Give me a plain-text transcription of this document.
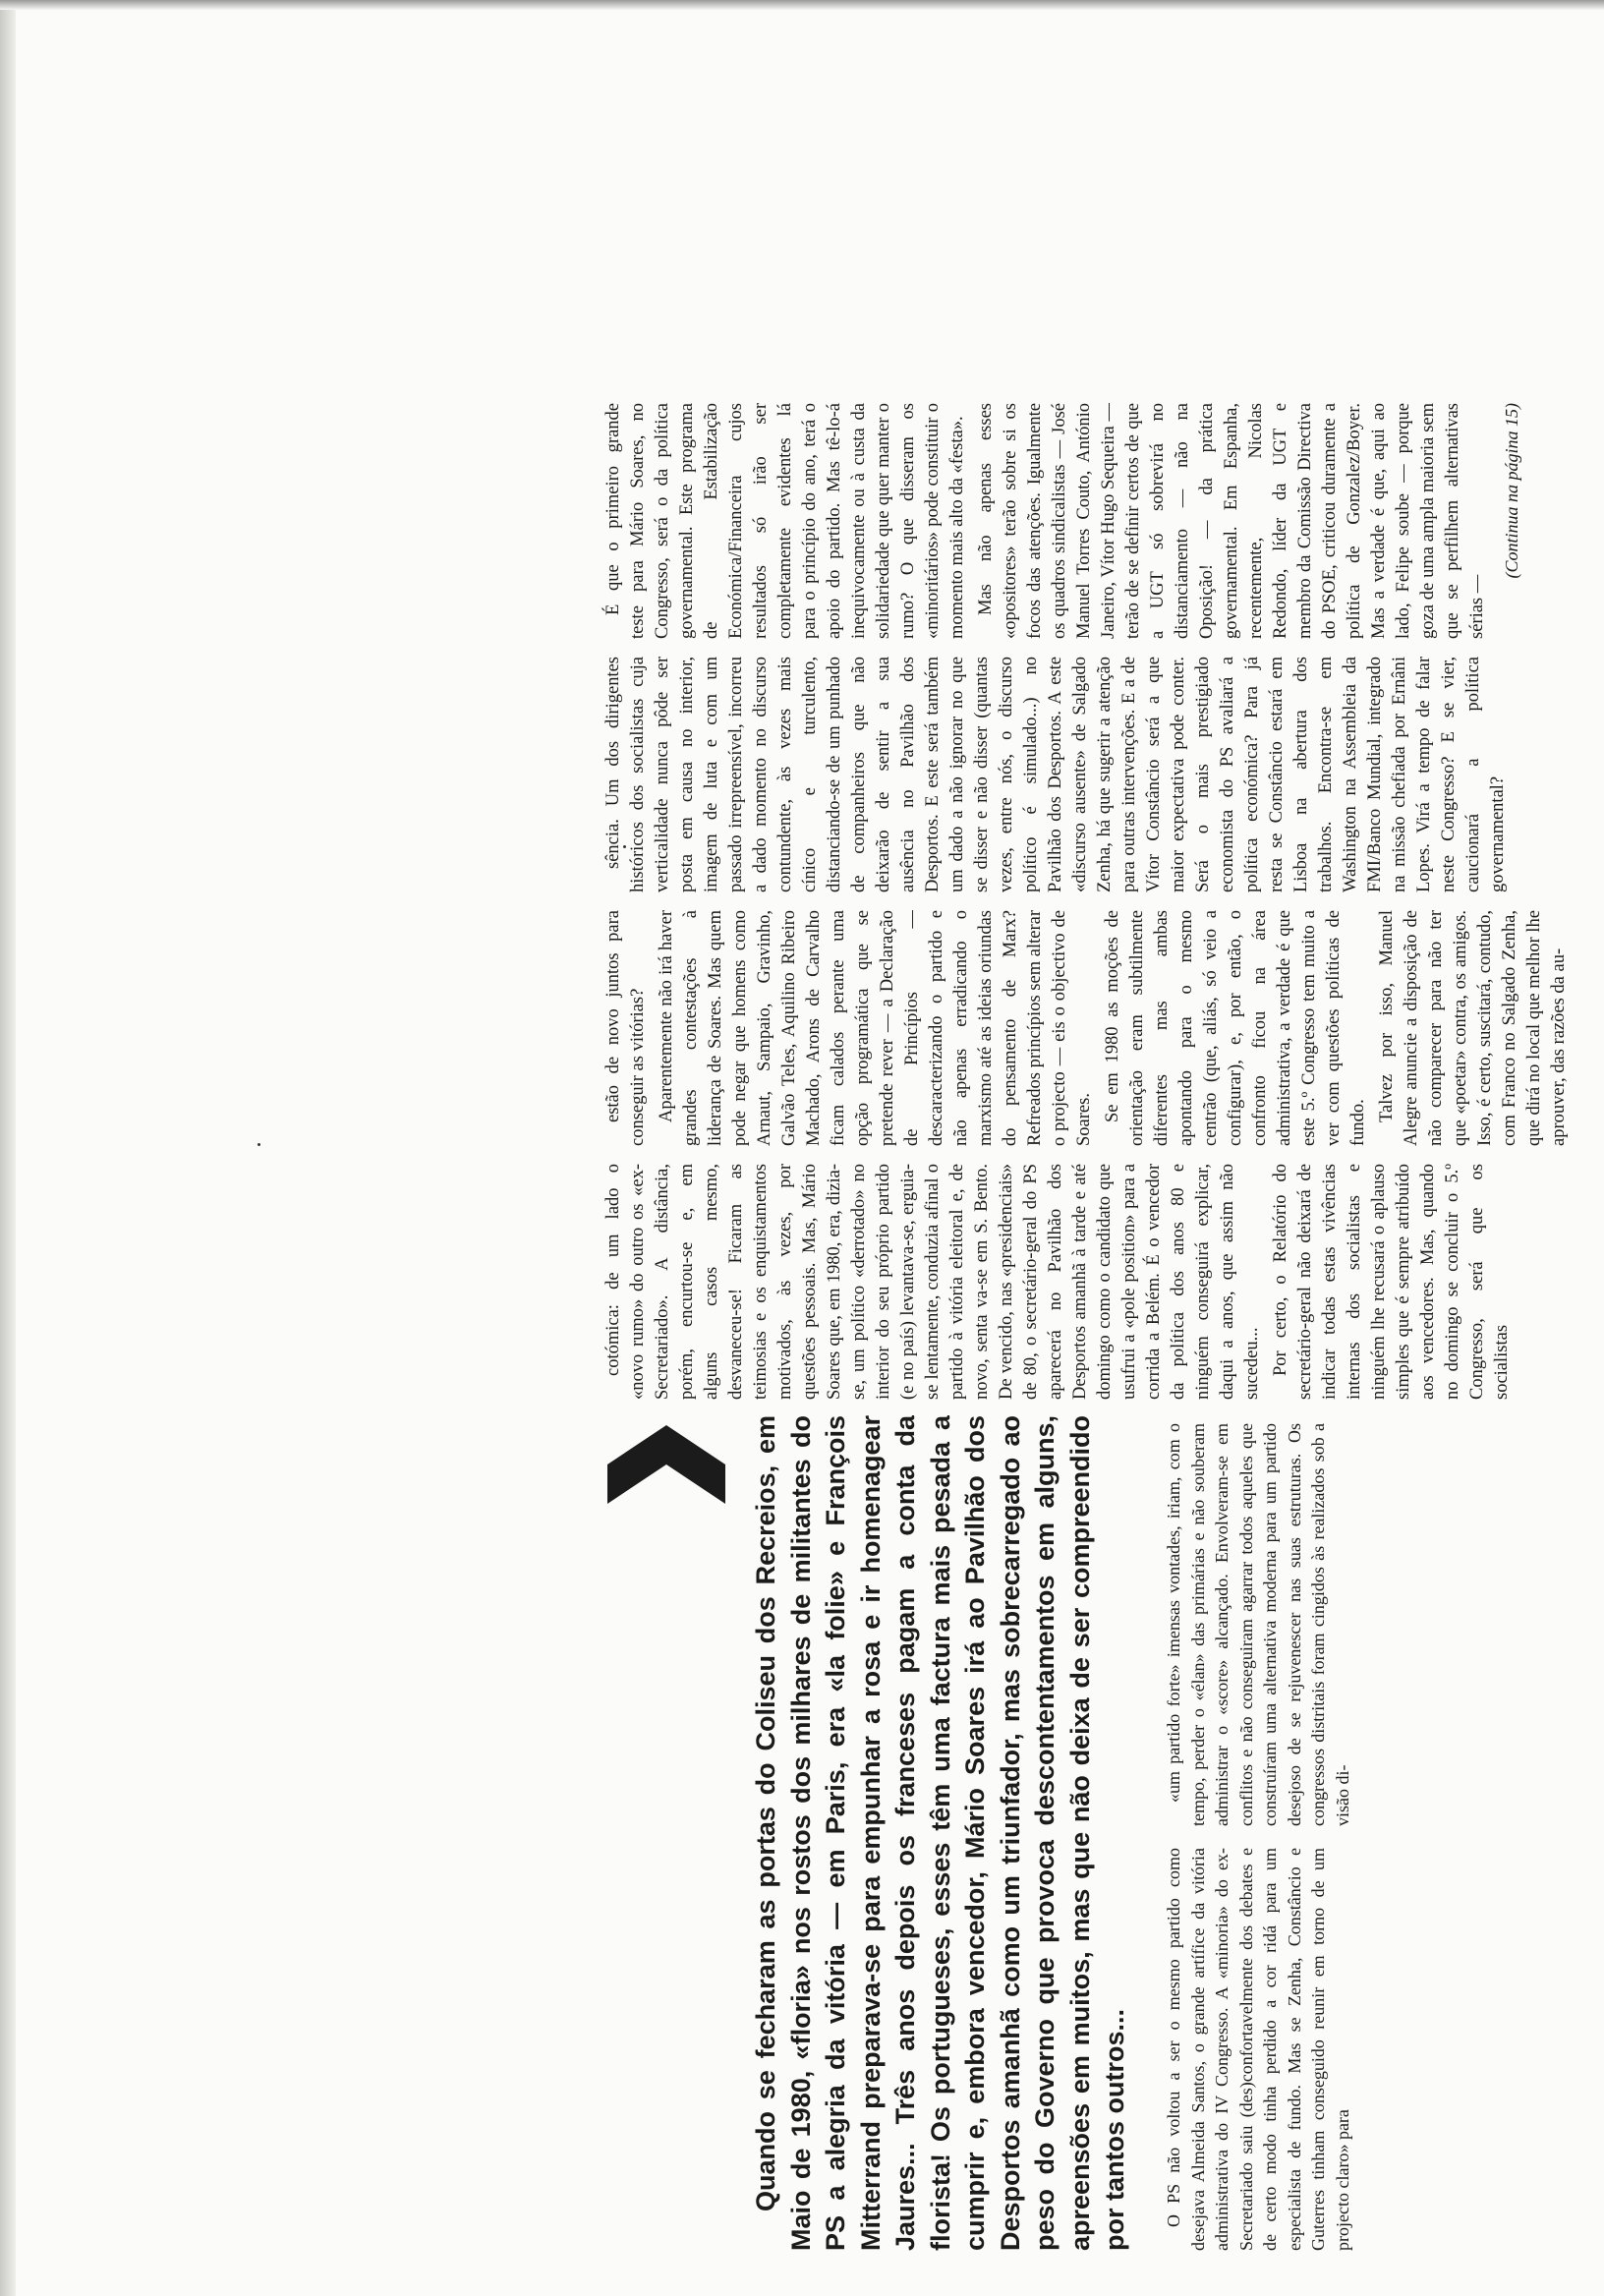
Quando se fecharam as portas do Coliseu dos Recreios, em Maio de 1980, «floria» nos rostos dos milhares de militantes do PS a alegria da vitória — em Paris, era «la folie» e François Mitterrand preparava-se para empunhar a rosa e ir homenagear Jaures... Três anos depois os franceses pagam a conta da florista! Os portugueses, esses têm uma factura mais pesada a cumprir e, embora vencedor, Mário Soares irá ao Pavilhão dos Desportos amanhã como um triunfador, mas sobrecarregado ao peso do Governo que provoca descontentamentos em alguns, apreensões em muitos, mas que não deixa de ser compreendido por tantos outros... O PS não voltou a ser o mesmo partido como desejava Almeida Santos, o grande artífice da vitória administrativa do IV Congresso. A «minoria» do ex-Secretariado saiu (des)confortavelmente dos debates e de certo modo tinha perdido a cor ridá para um especialista de fundo. Mas se Zenha, Constâncio e Guterres tinham conseguido reunir em torno de um projecto claro» para

«um partido forte» imensas vontades, iriam, com o tempo, perder o «élan» das primárias e não souberam administrar o «score» alcançado. Envolveram-se em conflitos e não conseguiram agarrar todos aqueles que construíram uma alternativa moderna para um partido desejoso de se rejuvenescer nas suas estruturas. Os congressos distritais foram cingidos às realizados sob a visão di-

cotómica: de um lado o «novo rumo» do outro os «ex-Secretariado». A distância, porém, encurtou-se e, em alguns casos mesmo, desvaneceu-se! Ficaram as teimosias e os enquistamentos motivados, às vezes, por questões pessoais. Mas, Mário Soares que, em 1980, era, dizia-se, um político «derrotado» no interior do seu próprio partido (e no país) levantava-se, erguia-se lentamente, conduzia afinal o partido à vitória eleitoral e, de novo, senta va-se em S. Bento. De vencido, nas «presidenciais» de 80, o secretário-geral do PS aparecerá no Pavilhão dos Desportos amanhã à tarde e até domingo como o candidato que usufrui a «pole position» para a corrida a Belém. É o vencedor da política dos anos 80 e ninguém conseguirá explicar, daqui a anos, que assim não sucedeu... Por certo, o Relatório do secretário-geral não deixará de indicar todas estas vivências internas dos socialistas e ninguém lhe recusará o aplauso simples que é sempre atribuído aos vencedores. Mas, quando no domingo se concluir o 5.º Congresso, será que os socialistas

estão de novo juntos para conseguir as vitórias? Aparentemente não irá haver grandes contestações à liderança de Soares. Mas quem pode negar que homens como Arnaut, Sampaio, Gravinho, Galvão Teles, Aquilino Ribeiro Machado, Arons de Carvalho ficam calados perante uma opção programática que se pretende rever — a Declaração de Princípios — descaracterizando o partido e não apenas erradicando o marxismo até as ideias oriundas do pensamento de Marx? Refreados princípios sem alterar o projecto — eis o objectivo de Soares. Se em 1980 as moções de orientação eram subtilmente diferentes mas ambas apontando para o mesmo centrão (que, aliás, só veio a configurar), e, por então, o confronto ficou na área administrativa, a verdade é que este 5.º Congresso tem muito a ver com questões políticas de fundo.

Talvez por isso, Manuel Alegre anuncie a disposição de não comparecer para não ter que «poetar» contra, os amigos. Isso, é certo, suscitará, contudo, com Franco no Salgado Zenha, que dirá no local que melhor lhe aprouver, das razões da au-

sência. Um dos dirigentes históricos dos socialistas cuja verticalidade nunca pôde ser posta em causa no interior, imagem de luta e com um passado irrepreensível, incorreu a dado momento no discurso contundente, às vezes mais cínico e turculento, distanciando-se de um punhado de companheiros que não deixarão de sentir a sua ausência no Pavilhão dos Desportos. E este será também um dado a não ignorar no que se disser e não disser (quantas vezes, entre nós, o discurso político é simulado...) no Pavilhão dos Desportos. A este «discurso ausente» de Salgado Zenha, há que sugerir a atenção para outras intervenções. E a de Vítor Constâncio será a que maior expectativa pode conter. Será o mais prestigiado economista do PS avaliará a política económica? Para já resta se Constâncio estará em Lisboa na abertura dos trabalhos. Encontra-se em Washington na Assembleia da FMI/Banco Mundial, integrado na missão chefiada por Ernâni Lopes. Virá a tempo de falar neste Congresso? E se vier, caucionará a política governamental?

É que o primeiro grande teste para Mário Soares, no Congresso, será o da política governamental. Este programa de Estabilização Económica/Financeira cujos resultados só irão ser completamente evidentes lá para o princípio do ano, terá o apoio do partido. Mas tê-lo-á inequivocamente ou à custa da solidariedade que quer manter o rumo? O que disseram os «minoritários» pode constituir o momento mais alto da «festa». Mas não apenas esses «opositores» terão sobre si os focos das atenções. Igualmente os quadros sindicalistas — José Manuel Torres Couto, António Janeiro, Vítor Hugo Sequeira — terão de se definir certos de que a UGT só sobrevirá no distanciamento — não na Oposição! — da prática governamental. Em Espanha, recentemente, Nicolas Redondo, líder da UGT e membro da Comissão Directiva do PSOE, criticou duramente a política de Gonzalez/Boyer. Mas a verdade é que, aqui ao lado, Felipe soube — porque goza de uma ampla maioria sem que se perfilhem alternativas sérias —

(Continua na página 15)
